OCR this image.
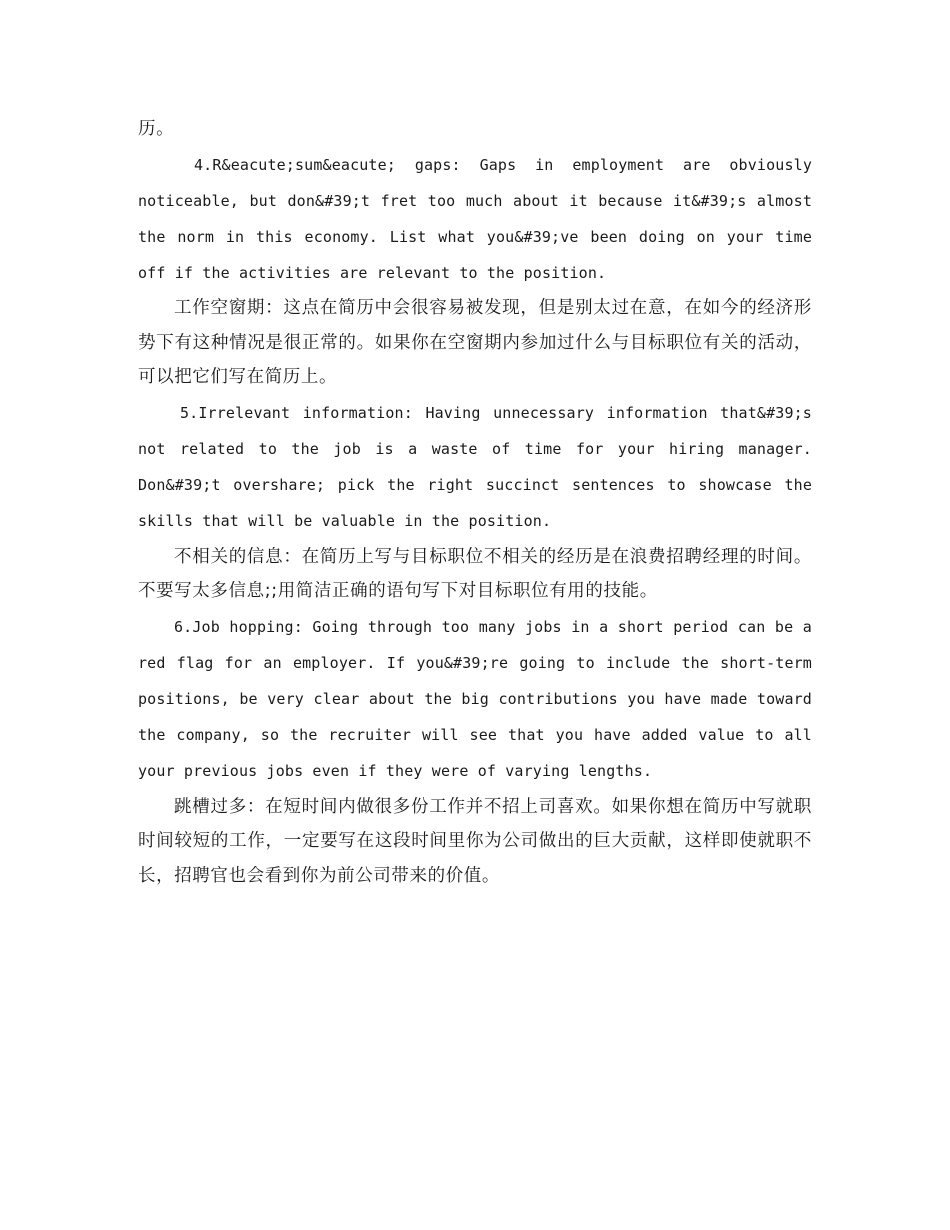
历。

4.R&eacute;sum&eacute; gaps: Gaps in employment are obviously noticeable, but don&#39;t fret too much about it because it&#39;s almost the norm in this economy. List what you&#39;ve been doing on your time off if the activities are relevant to the position.

工作空窗期：这点在简历中会很容易被发现，但是别太过在意，在如今的经济形势下有这种情况是很正常的。如果你在空窗期内参加过什么与目标职位有关的活动，可以把它们写在简历上。

5.Irrelevant information: Having unnecessary information that&#39;s not related to the job is a waste of time for your hiring manager. Don&#39;t overshare; pick the right succinct sentences to showcase the skills that will be valuable in the position.

不相关的信息：在简历上写与目标职位不相关的经历是在浪费招聘经理的时间。不要写太多信息;;用简洁正确的语句写下对目标职位有用的技能。

6.Job hopping: Going through too many jobs in a short period can be a red flag for an employer. If you&#39;re going to include the short-term positions, be very clear about the big contributions you have made toward the company, so the recruiter will see that you have added value to all your previous jobs even if they were of varying lengths.

跳槽过多：在短时间内做很多份工作并不招上司喜欢。如果你想在简历中写就职时间较短的工作，一定要写在这段时间里你为公司做出的巨大贡献，这样即使就职不长，招聘官也会看到你为前公司带来的价值。
